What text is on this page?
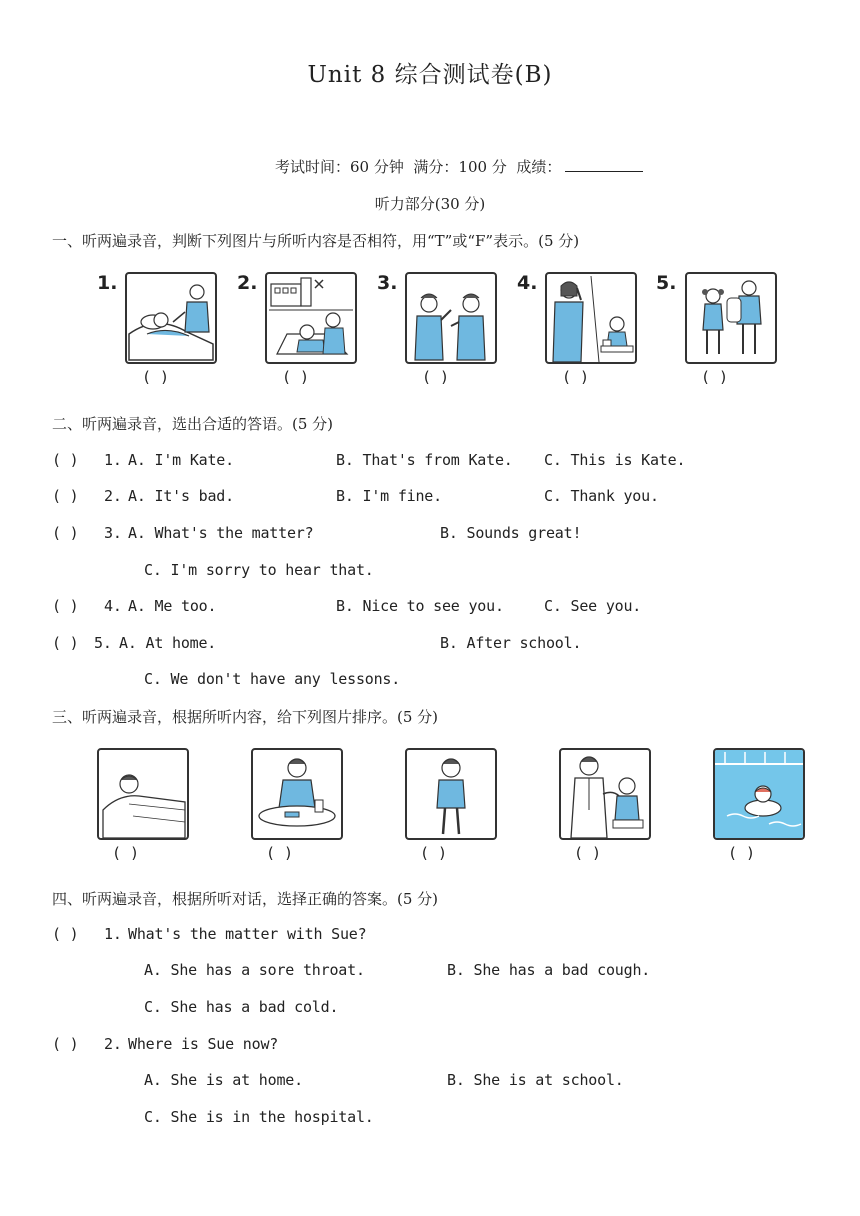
Unit 8 综合测试卷(B)
考试时间：60 分钟 满分：100 分 成绩：
听力部分(30 分)
一、听两遍录音，判断下列图片与所听内容是否相符，用“T”或“F”表示。(5 分)
1.
( )
2.
( )
3.
( )
4.
( )
5.
( )
二、听两遍录音，选出合适的答语。(5 分)
( ) 1. A. I'm Kate.	B. That's from Kate. C. This is Kate.
( ) 2. A. It's bad.	B. I'm fine.	C. Thank you.
( ) 3. A. What's the matter?	B. Sounds great!
C. I'm sorry to hear that.
( ) 4. A. Me too.	B. Nice to see you.	C. See you.
( ) 5. A. At home.	B. After school.
C. We don't have any lessons.
三、听两遍录音，根据所听内容，给下列图片排序。(5 分)
( )	( )	( )	( )	( )
四、听两遍录音，根据所听对话，选择正确的答案。(5 分)
( ) 1. What's the matter with Sue?
A. She has a sore throat.	B. She has a bad cough.
C. She has a bad cold.
( ) 2. Where is Sue now?
A. She is at home.	B. She is at school.
C. She is in the hospital.
